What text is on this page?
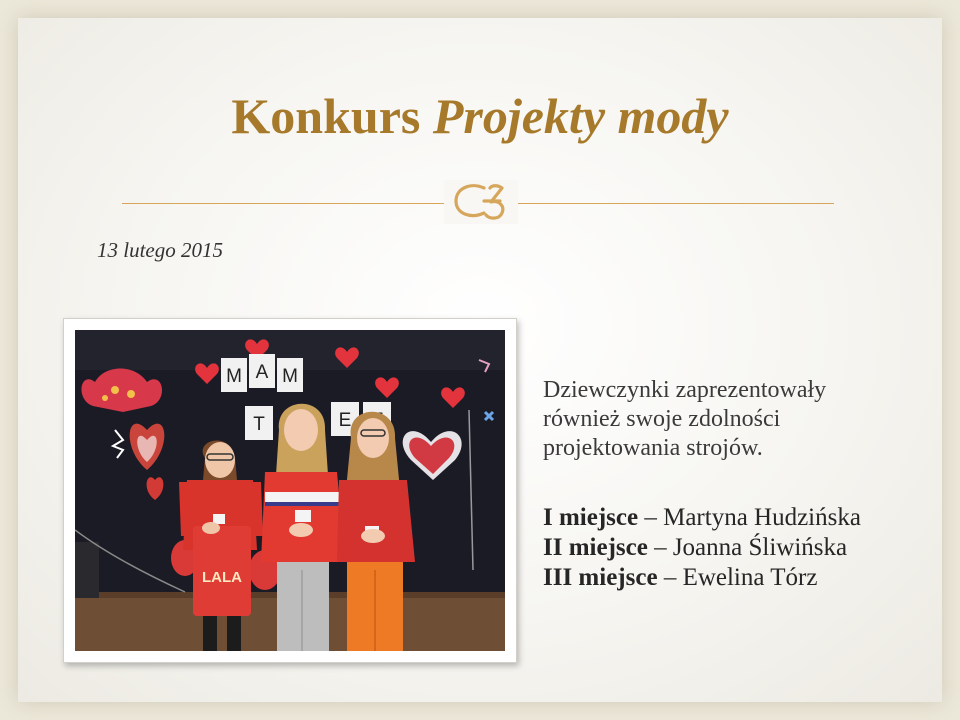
Konkurs Projekty mody
13 lutego 2015
M A M
T	E
LALA
Dziewczynki zaprezentowały
również swoje zdolności
projektowania strojów.
I miejsce – Martyna Hudzińska
II miejsce – Joanna Śliwińska
III miejsce – Ewelina Tórz
